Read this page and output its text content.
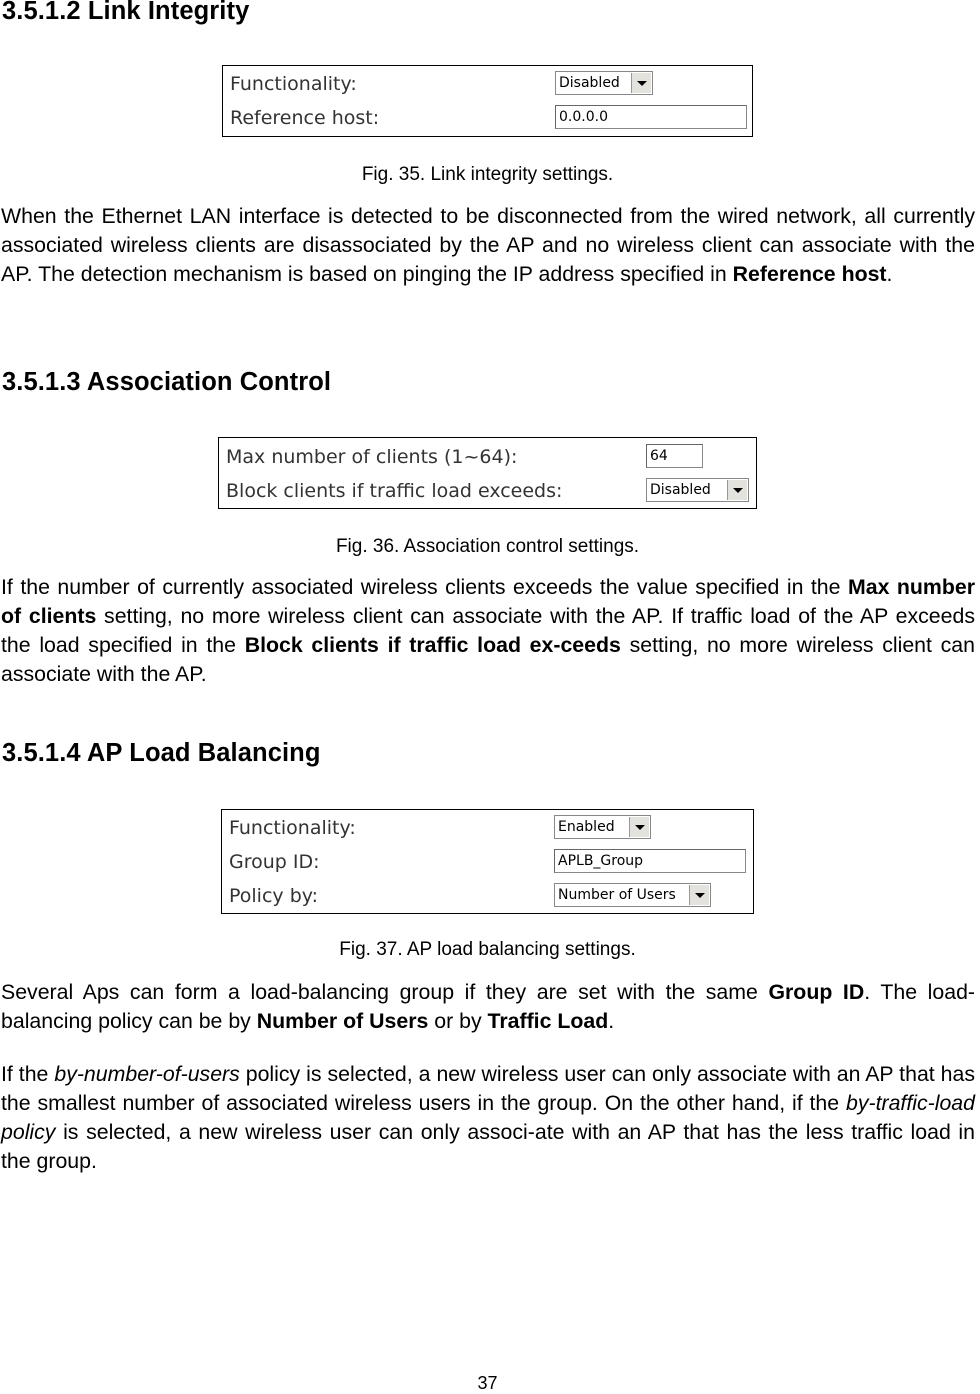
3.5.1.2 Link Integrity
Functionality:	Disabled
Reference host:	0.0.0.0

Fig. 35. Link integrity settings.

When the Ethernet LAN interface is detected to be disconnected from the wired network, all currently associated wireless clients are disassociated by the AP and no wireless client can associate with the AP. The detection mechanism is based on pinging the IP address specified in Reference host.

3.5.1.3 Association Control
Max number of clients (1~64):	64
Block clients if traffic load exceeds:	Disabled

Fig. 36. Association control settings.

If the number of currently associated wireless clients exceeds the value specified in the Max number of clients setting, no more wireless client can associate with the AP. If traffic load of the AP exceeds the load specified in the Block clients if traffic load ex-ceeds setting, no more wireless client can associate with the AP.

3.5.1.4 AP Load Balancing
Functionality:	Enabled
Group ID:	APLB_Group
Policy by:	Number of Users

Fig. 37. AP load balancing settings.

Several Aps can form a load-balancing group if they are set with the same Group ID. The load-balancing policy can be by Number of Users or by Traffic Load.

If the by-number-of-users policy is selected, a new wireless user can only associate with an AP that has the smallest number of associated wireless users in the group. On the other hand, if the by-traffic-load policy is selected, a new wireless user can only associ-ate with an AP that has the less traffic load in the group.

37
